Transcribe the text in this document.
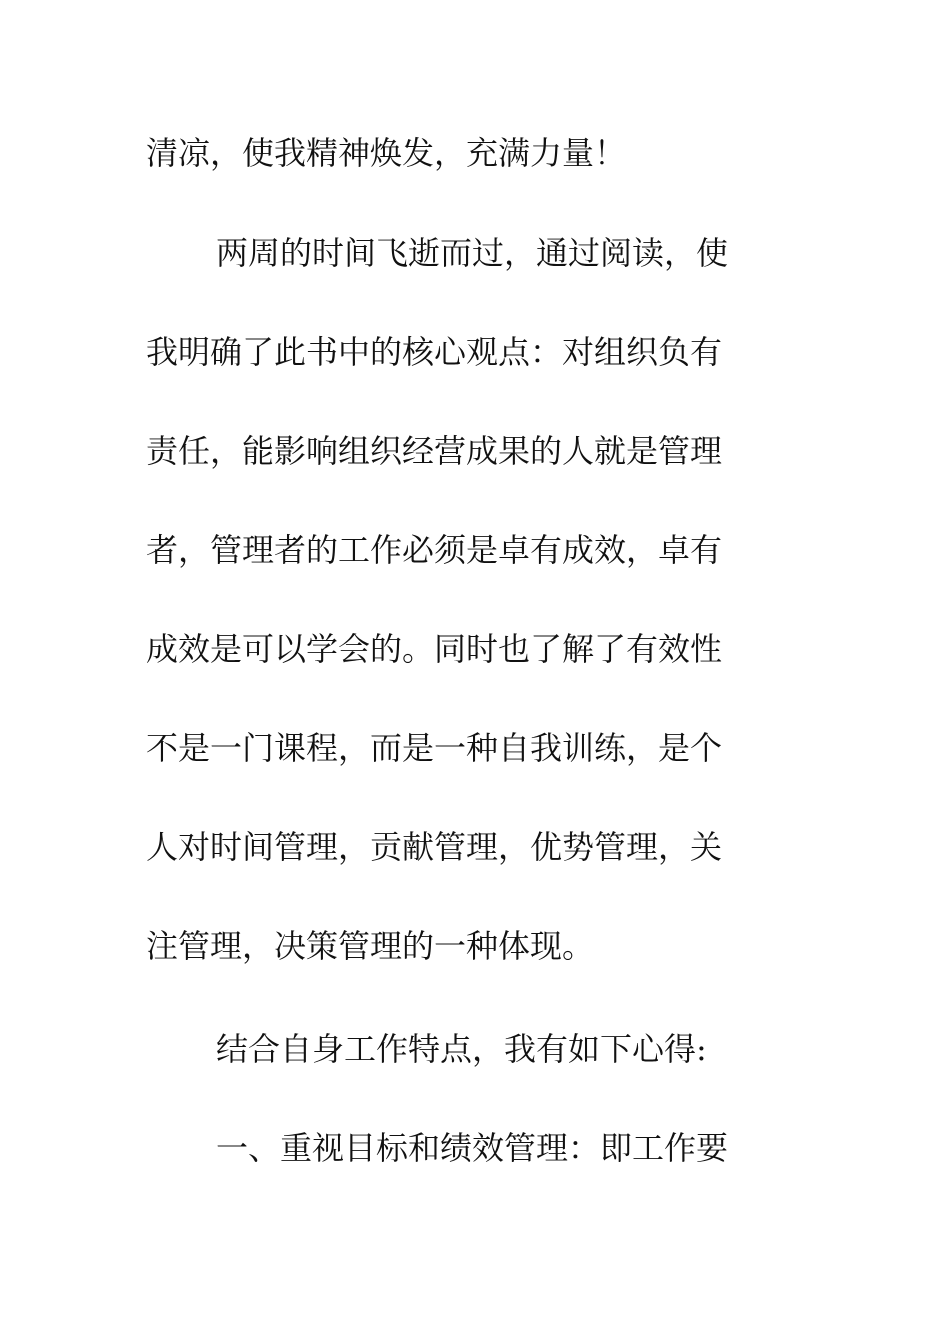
清凉，使我精神焕发，充满力量！
两周的时间飞逝而过，通过阅读，使
我明确了此书中的核心观点：对组织负有
责任，能影响组织经营成果的人就是管理
者，管理者的工作必须是卓有成效，卓有
成效是可以学会的。同时也了解了有效性
不是一门课程，而是一种自我训练，是个
人对时间管理，贡献管理，优势管理，关
注管理，决策管理的一种体现。
结合自身工作特点，我有如下心得:
一、重视目标和绩效管理：即工作要
